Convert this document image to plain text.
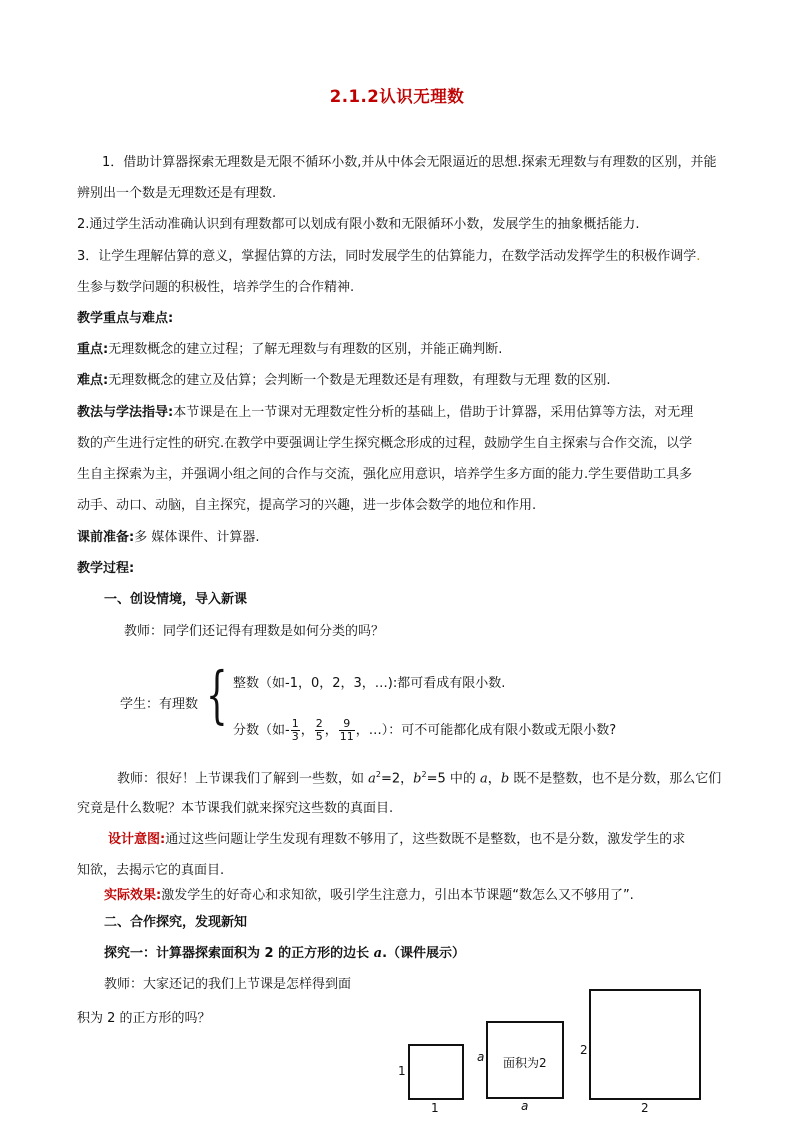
2.1.2认识无理数
1．借助计算器探索无理数是无限不循环小数,并从中体会无限逼近的思想.探索无理数与有理数的区别，并能
辨别出一个数是无理数还是有理数.
2.通过学生活动准确认识到有理数都可以划成有限小数和无限循环小数，发展学生的抽象概括能力.
3．让学生理解估算的意义，掌握估算的方法，同时发展学生的估算能力，在数学活动发挥学生的积极作调学.
生参与数学问题的积极性，培养学生的合作精神.
教学重点与难点:
重点:无理数概念的建立过程；了解无理数与有理数的区别，并能正确判断.
难点:无理数概念的建立及估算；会判断一个数是无理数还是有理数，有理数与无理 数的区别.
教法与学法指导:本节课是在上一节课对无理数定性分析的基础上，借助于计算器，采用估算等方法，对无理
数的产生进行定性的研究.在教学中要强调让学生探究概念形成的过程，鼓励学生自主探索与合作交流，以学
生自主探索为主，并强调小组之间的合作与交流，强化应用意识，培养学生多方面的能力.学生要借助工具多
动手、动口、动脑，自主探究，提高学习的兴趣，进一步体会数学的地位和作用.
课前准备:多 媒体课件、计算器.
教学过程:
一、创设情境，导入新课
教师：同学们还记得有理数是如何分类的吗？
学生：有理数 { 整数（如-1，0，2，3，…):都可看成有限小数.
分数（如- $\frac{1}{3}$ ， $\frac{2}{5}$ ， $\frac{9}{11}$ ，…）：可不可能都化成有限小数或无限小数?
教师：很好！上节课我们了解到一些数，如 $a^2=2$，$b^2=5$ 中的 a，b 既不是整数，也不是分数，那么它们
究竟是什么数呢？本节课我们就来探究这些数的真面目.
设计意图:通过这些问题让学生发现有理数不够用了，这些数既不是整数，也不是分数，激发学生的求
知欲，去揭示它的真面目.
实际效果:激发学生的好奇心和求知欲，吸引学生注意力，引出本节课题“数怎么又不够用了”.
二、合作探究，发现新知
探究一：计算器探索面积为 2 的正方形的边长 a.（课件展示）
教师：大家还记的我们上节课是怎样得到面
积为 2 的正方形的吗？
1
1
a 面积为2
a
2
2
